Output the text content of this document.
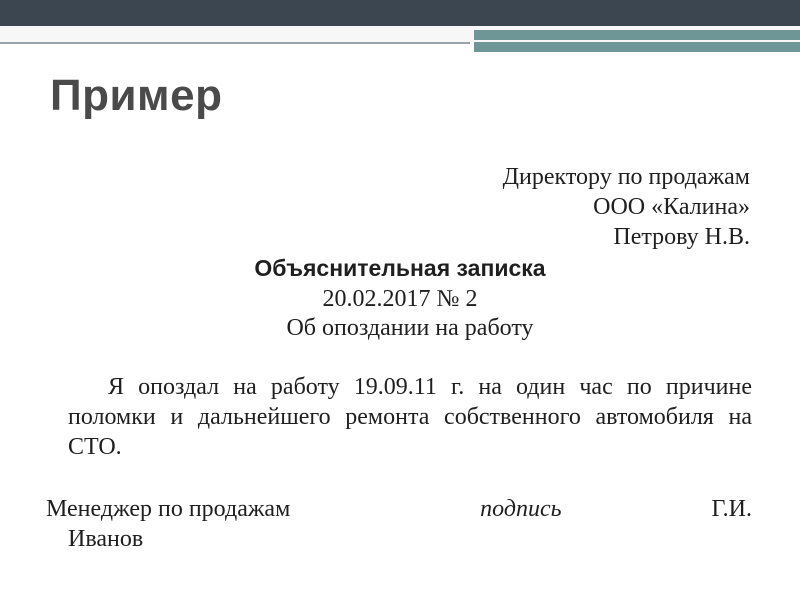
Пример
Директору по продажам
ООО «Калина»
Петрову Н.В.
Объяснительная записка
20.02.2017 № 2
Об опоздании на работу

Я опоздал на работу 19.09.11 г. на один час по причине поломки и дальнейшего ремонта собственного автомобиля на СТО.

Менеджер по продажам	подпись	Г.И.
Иванов
